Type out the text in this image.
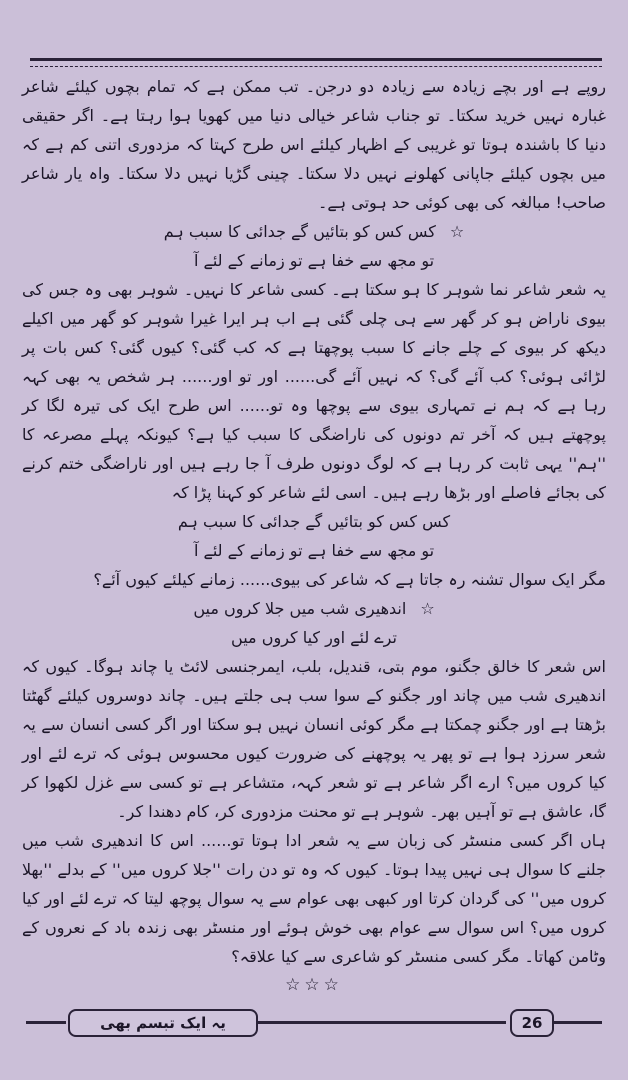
روپے ہے اور بچے زیادہ سے زیادہ دو درجن۔ تب ممکن ہے کہ تمام بچوں کیلئے شاعر غبارہ نہیں خرید سکتا۔ تو جناب شاعر خیالی دنیا میں کھویا ہوا رہتا ہے۔ اگر حقیقی دنیا کا باشندہ ہوتا تو غریبی کے اظہار کیلئے اس طرح کہتا کہ مزدوری اتنی کم ہے کہ میں بچوں کیلئے جاپانی کھلونے نہیں دلا سکتا۔ چینی گڑیا نہیں دلا سکتا۔ واہ یار شاعر صاحب! مبالغہ کی بھی کوئی حد ہوتی ہے۔

☆کس کس کو بتائیں گے جدائی کا سبب ہم

تو مجھ سے خفا ہے تو زمانے کے لئے آ

یہ شعر شاعر نما شوہر کا ہو سکتا ہے۔ کسی شاعر کا نہیں۔ شوہر بھی وہ جس کی بیوی ناراض ہو کر گھر سے ہی چلی گئی ہے اب ہر ایرا غیرا شوہر کو گھر میں اکیلے دیکھ کر بیوی کے چلے جانے کا سبب پوچھتا ہے کہ کب گئی؟ کیوں گئی؟ کس بات پر لڑائی ہوئی؟ کب آئے گی؟ کہ نہیں آئے گی...... اور تو اور...... ہر شخص یہ بھی کہہ رہا ہے کہ ہم نے تمہاری بیوی سے پوچھا وہ تو...... اس طرح ایک کی تیرہ لگا کر پوچھتے ہیں کہ آخر تم دونوں کی ناراضگی کا سبب کیا ہے؟ کیونکہ پہلے مصرعہ کا ''ہم'' یہی ثابت کر رہا ہے کہ لوگ دونوں طرف آ جا رہے ہیں اور ناراضگی ختم کرنے کی بجائے فاصلے اور بڑھا رہے ہیں۔ اسی لئے شاعر کو کہنا پڑا کہ

کس کس کو بتائیں گے جدائی کا سبب ہم

تو مجھ سے خفا ہے تو زمانے کے لئے آ

مگر ایک سوال تشنہ رہ جاتا ہے کہ شاعر کی بیوی...... زمانے کیلئے کیوں آئے؟

☆اندھیری شب میں جلا کروں میں

ترے لئے اور کیا کروں میں

اس شعر کا خالق جگنو، موم بتی، قندیل، بلب، ایمرجنسی لائٹ یا چاند ہوگا۔ کیوں کہ اندھیری شب میں چاند اور جگنو کے سوا سب ہی جلتے ہیں۔ چاند دوسروں کیلئے گھٹتا بڑھتا ہے اور جگنو چمکتا ہے مگر کوئی انسان نہیں ہو سکتا اور اگر کسی انسان سے یہ شعر سرزد ہوا ہے تو پھر یہ پوچھنے کی ضرورت کیوں محسوس ہوئی کہ ترے لئے اور کیا کروں میں؟ ارے اگر شاعر ہے تو شعر کہہ، متشاعر ہے تو کسی سے غزل لکھوا کر گا، عاشق ہے تو آہیں بھر۔ شوہر ہے تو محنت مزدوری کر، کام دھندا کر۔

ہاں اگر کسی منسٹر کی زبان سے یہ شعر ادا ہوتا تو...... اس کا اندھیری شب میں جلنے کا سوال ہی نہیں پیدا ہوتا۔ کیوں کہ وہ تو دن رات ''جلا کروں میں'' کے بدلے ''بھلا کروں میں'' کی گردان کرتا اور کبھی بھی عوام سے یہ سوال پوچھ لیتا کہ ترے لئے اور کیا کروں میں؟ اس سوال سے عوام بھی خوش ہوئے اور منسٹر بھی زندہ باد کے نعروں کے وٹامن کھاتا۔ مگر کسی منسٹر کو شاعری سے کیا علاقہ؟

☆☆☆

یہ ایک تبسم بھی	26
